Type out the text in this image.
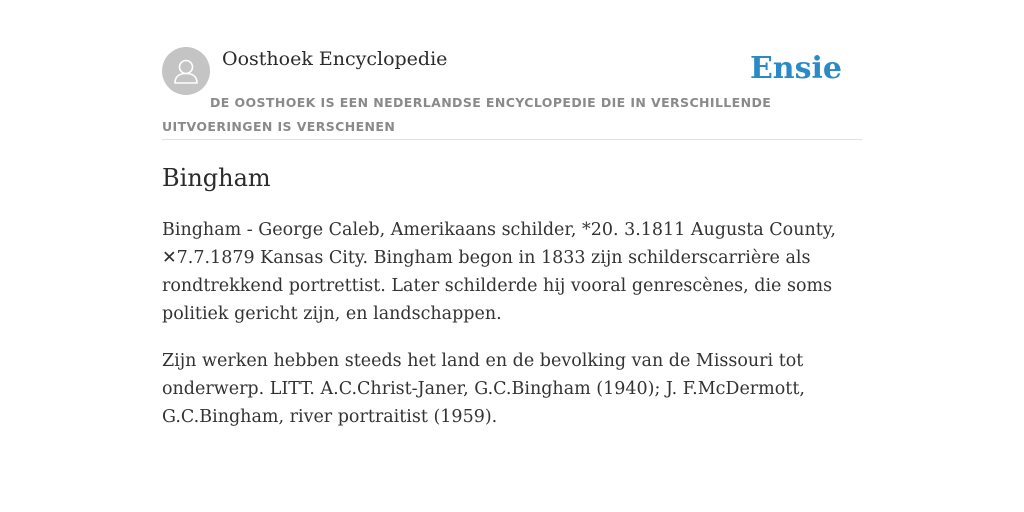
Oosthoek Encyclopedie	Ensie
DE OOSTHOEK IS EEN NEDERLANDSE ENCYCLOPEDIE DIE IN VERSCHILLENDE UITVOERINGEN IS VERSCHENEN
Bingham

Bingham - George Caleb, Amerikaans schilder, *20. 3.1811 Augusta County, ✕7.7.1879 Kansas City. Bingham begon in 1833 zijn schilderscarrière als rondtrekkend portrettist. Later schilderde hij vooral genrescènes, die soms politiek gericht zijn, en landschappen.

Zijn werken hebben steeds het land en de bevolking van de Missouri tot onderwerp. LITT. A.C.Christ-Janer, G.C.Bingham (1940); J. F.McDermott, G.C.Bingham, river portraitist (1959).
